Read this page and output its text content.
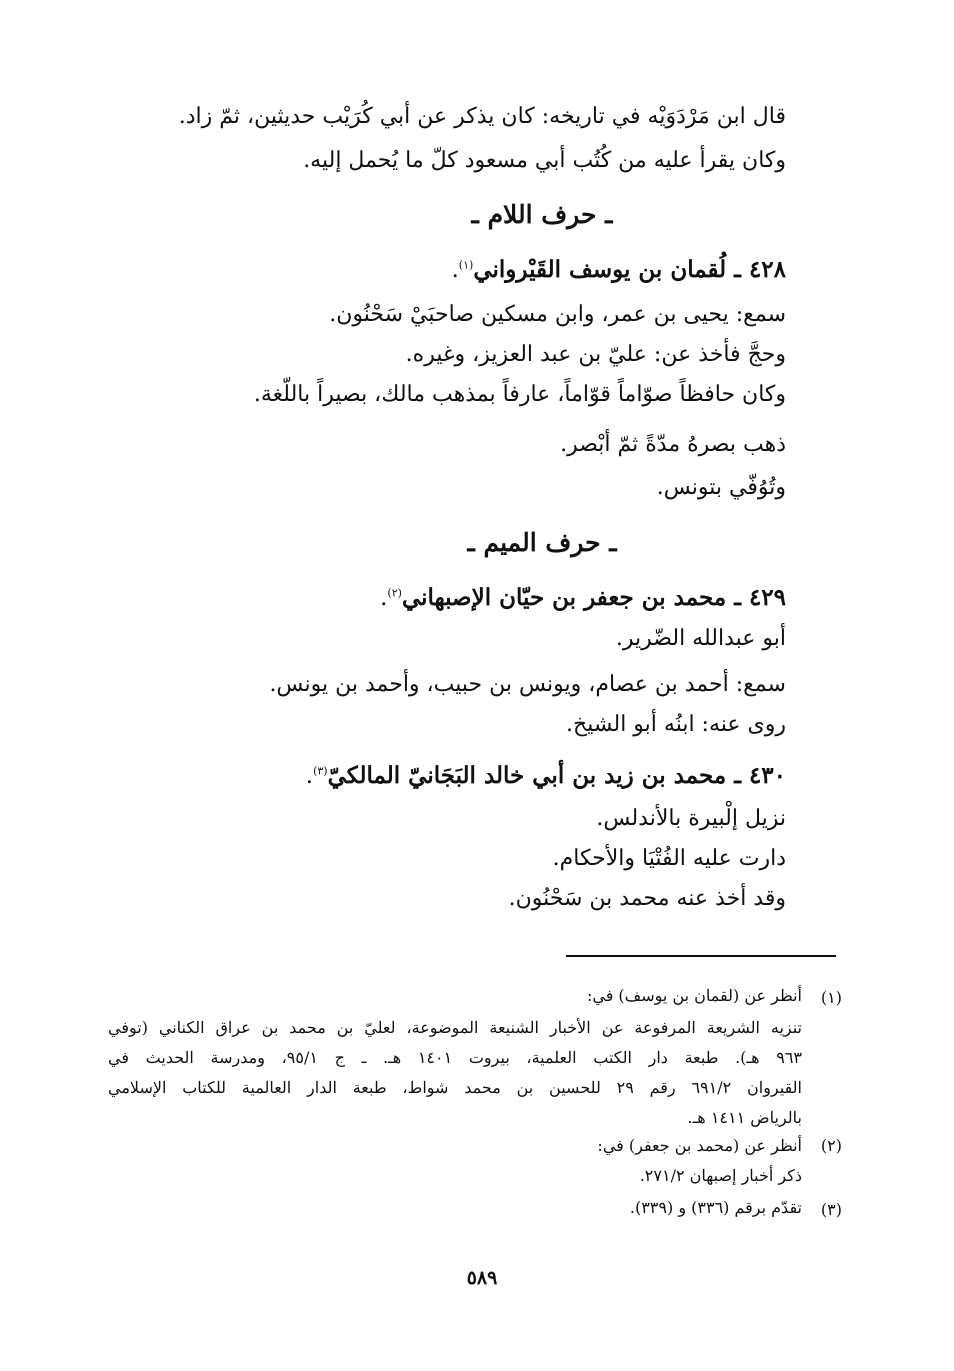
قال ابن مَرْدَوَيْه في تاريخه: كان يذكر عن أبي كُرَيْب حديثين، ثمّ زاد.
وكان يقرأ عليه من كُتُب أبي مسعود كلّ ما يُحمل إليه.
ـ حرف اللام ـ
٤٢٨ ـ لُقمان بن يوسف القَيْرواني$^{(١)}$.
سمع: يحيى بن عمر، وابن مسكين صاحبَيْ سَحْنُون.
وحجَّ فأخذ عن: عليّ بن عبد العزيز، وغيره.
وكان حافظاً صوّاماً قوّاماً، عارفاً بمذهب مالك، بصيراً باللّغة.
ذهب بصرهُ مدّةً ثمّ أبْصر.
وتُوُفّي بتونس.
ـ حرف الميم ـ
٤٢٩ ـ محمد بن جعفر بن حيّان الإصبهاني$^{(٢)}$.
أبو عبدالله الضّرير.
سمع: أحمد بن عصام، ويونس بن حبيب، وأحمد بن يونس.
روى عنه: ابنُه أبو الشيخ.
٤٣٠ ـ محمد بن زيد بن أبي خالد البَجَانيّ المالكيّ$^{(٣)}$.
نزيل إلْبيرة بالأندلس.
دارت عليه الفُتْيَا والأحكام.
وقد أخذ عنه محمد بن سَحْنُون.
(١)
أنظر عن (لقمان بن يوسف) في:
تنزيه الشريعة المرفوعة عن الأخبار الشنيعة الموضوعة، لعليّ بن محمد بن عراق الكناني (توفي
٩٦٣ هـ). طبعة دار الكتب العلمية، بيروت ١٤٠١ هـ. ـ ج ٩٥/١، ومدرسة الحديث في
القيروان ٦٩١/٢ رقم ٢٩ للحسين بن محمد شواط، طبعة الدار العالمية للكتاب الإسلامي
بالرياض ١٤١١ هـ.
(٢)
أنظر عن (محمد بن جعفر) في:
ذكر أخبار إصبهان ٢٧١/٢.
(٣)
تقدّم برقم (٣٣٦) و (٣٣٩).
٥٨٩
